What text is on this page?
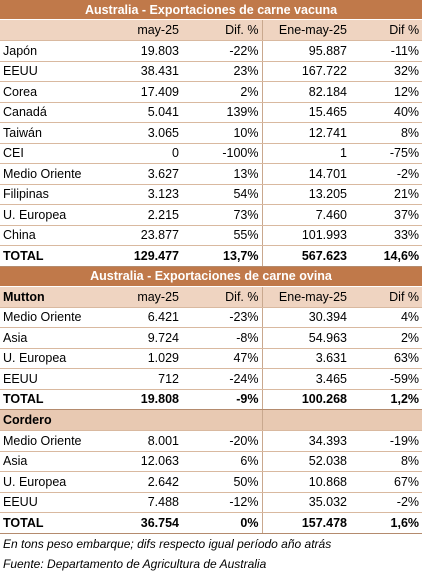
Australia - Exportaciones de carne vacuna				
	may-25	Dif. %	Ene-may-25	Dif %
Japón	19.803	-22%	95.887	-11%
EEUU	38.431	23%	167.722	32%
Corea	17.409	2%	82.184	12%
Canadá	5.041	139%	15.465	40%
Taiwán	3.065	10%	12.741	8%
CEI	0	-100%	1	-75%
Medio Oriente	3.627	13%	14.701	-2%
Filipinas	3.123	54%	13.205	21%
U. Europea	2.215	73%	7.460	37%
China	23.877	55%	101.993	33%
TOTAL	129.477	13,7%	567.623	14,6%
Australia - Exportaciones de carne ovina				
Mutton	may-25	Dif. %	Ene-may-25	Dif %
Medio Oriente	6.421	-23%	30.394	4%
Asia	9.724	-8%	54.963	2%
U. Europea	1.029	47%	3.631	63%
EEUU	712	-24%	3.465	-59%
TOTAL	19.808	-9%	100.268	1,2%
Cordero				
Medio Oriente	8.001	-20%	34.393	-19%
Asia	12.063	6%	52.038	8%
U. Europea	2.642	50%	10.868	67%
EEUU	7.488	-12%	35.032	-2%
TOTAL	36.754	0%	157.478	1,6%
En tons peso embarque; difs respecto igual período año atrás
Fuente: Departamento de Agricultura de Australia
